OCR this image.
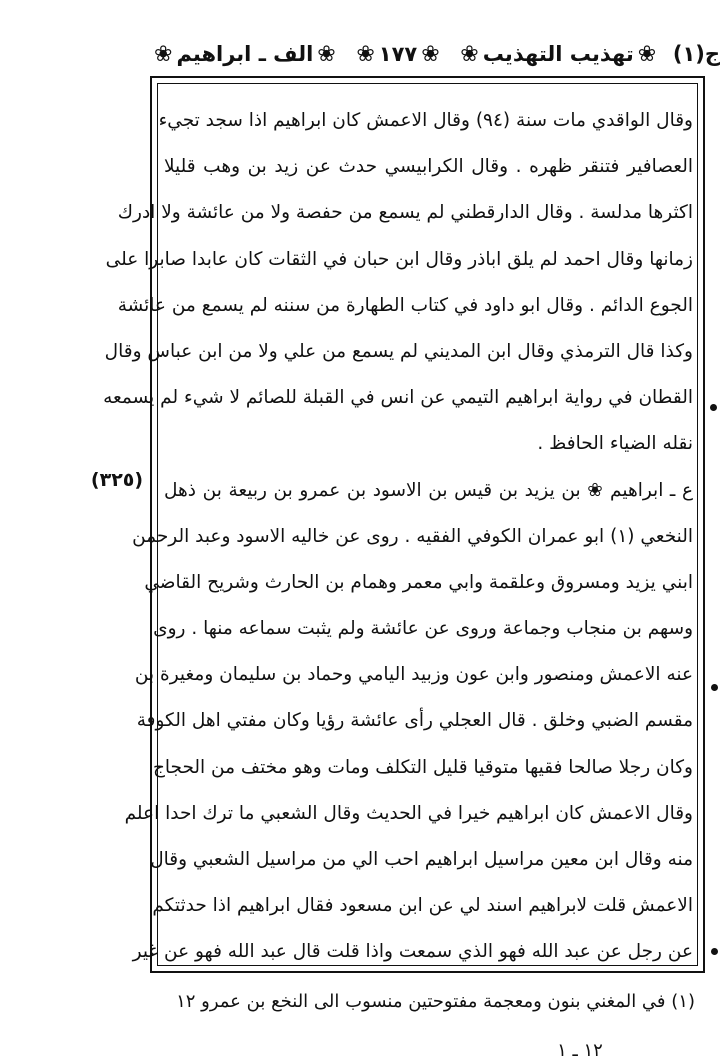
ج(١)
❀
تهذيب التهذيب
❀
❀
١٧٧
❀
❀
الف ـ ابراهيم
❀
وقال الواقدي مات سنة (٩٤) وقال الاعمش كان ابراهيم اذا سجد تجيء
العصافير فتنقر ظهره . وقال الكرابيسي حدث عن زيد بن وهب قليلا
اكثرها مدلسة . وقال الدارقطني لم يسمع من حفصة ولا من عائشة ولا ادرك
زمانها وقال احمد لم يلق اباذر وقال ابن حبان في الثقات كان عابدا صابرا على
الجوع الدائم . وقال ابو داود في كتاب الطهارة من سننه لم يسمع من عائشة
وكذا قال الترمذي وقال ابن المديني لم يسمع من علي ولا من ابن عباس وقال
القطان في رواية ابراهيم التيمي عن انس في القبلة للصائم لا شيء لم يسمعه
نقله الضياء الحافظ .
ع ـ ابراهيم ❀ بن يزيد بن قيس بن الاسود بن عمرو بن ربيعة بن ذهل
النخعي (١) ابو عمران الكوفي الفقيه . روى عن خاليه الاسود وعبد الرحمن
ابني يزيد ومسروق وعلقمة وابي معمر وهمام بن الحارث وشريح القاضي
وسهم بن منجاب وجماعة وروى عن عائشة ولم يثبت سماعه منها . روى
عنه الاعمش ومنصور وابن عون وزبيد اليامي وحماد بن سليمان ومغيرة بن
مقسم الضبي وخلق . قال العجلي رأى عائشة رؤيا وكان مفتي اهل الكوفة
وكان رجلا صالحا فقيها متوقيا قليل التكلف ومات وهو مختف من الحجاج
وقال الاعمش كان ابراهيم خيرا في الحديث وقال الشعبي ما ترك احدا اعلم
منه وقال ابن معين مراسيل ابراهيم احب الي من مراسيل الشعبي وقال
الاعمش قلت لابراهيم اسند لي عن ابن مسعود فقال ابراهيم اذا حدثتكم
عن رجل عن عبد الله فهو الذي سمعت واذا قلت قال عبد الله فهو عن غير
(٣٢٥)
(١) في المغني بنون ومعجمة مفتوحتين منسوب الى النخع بن عمرو ١٢
١٢ ـ ١
